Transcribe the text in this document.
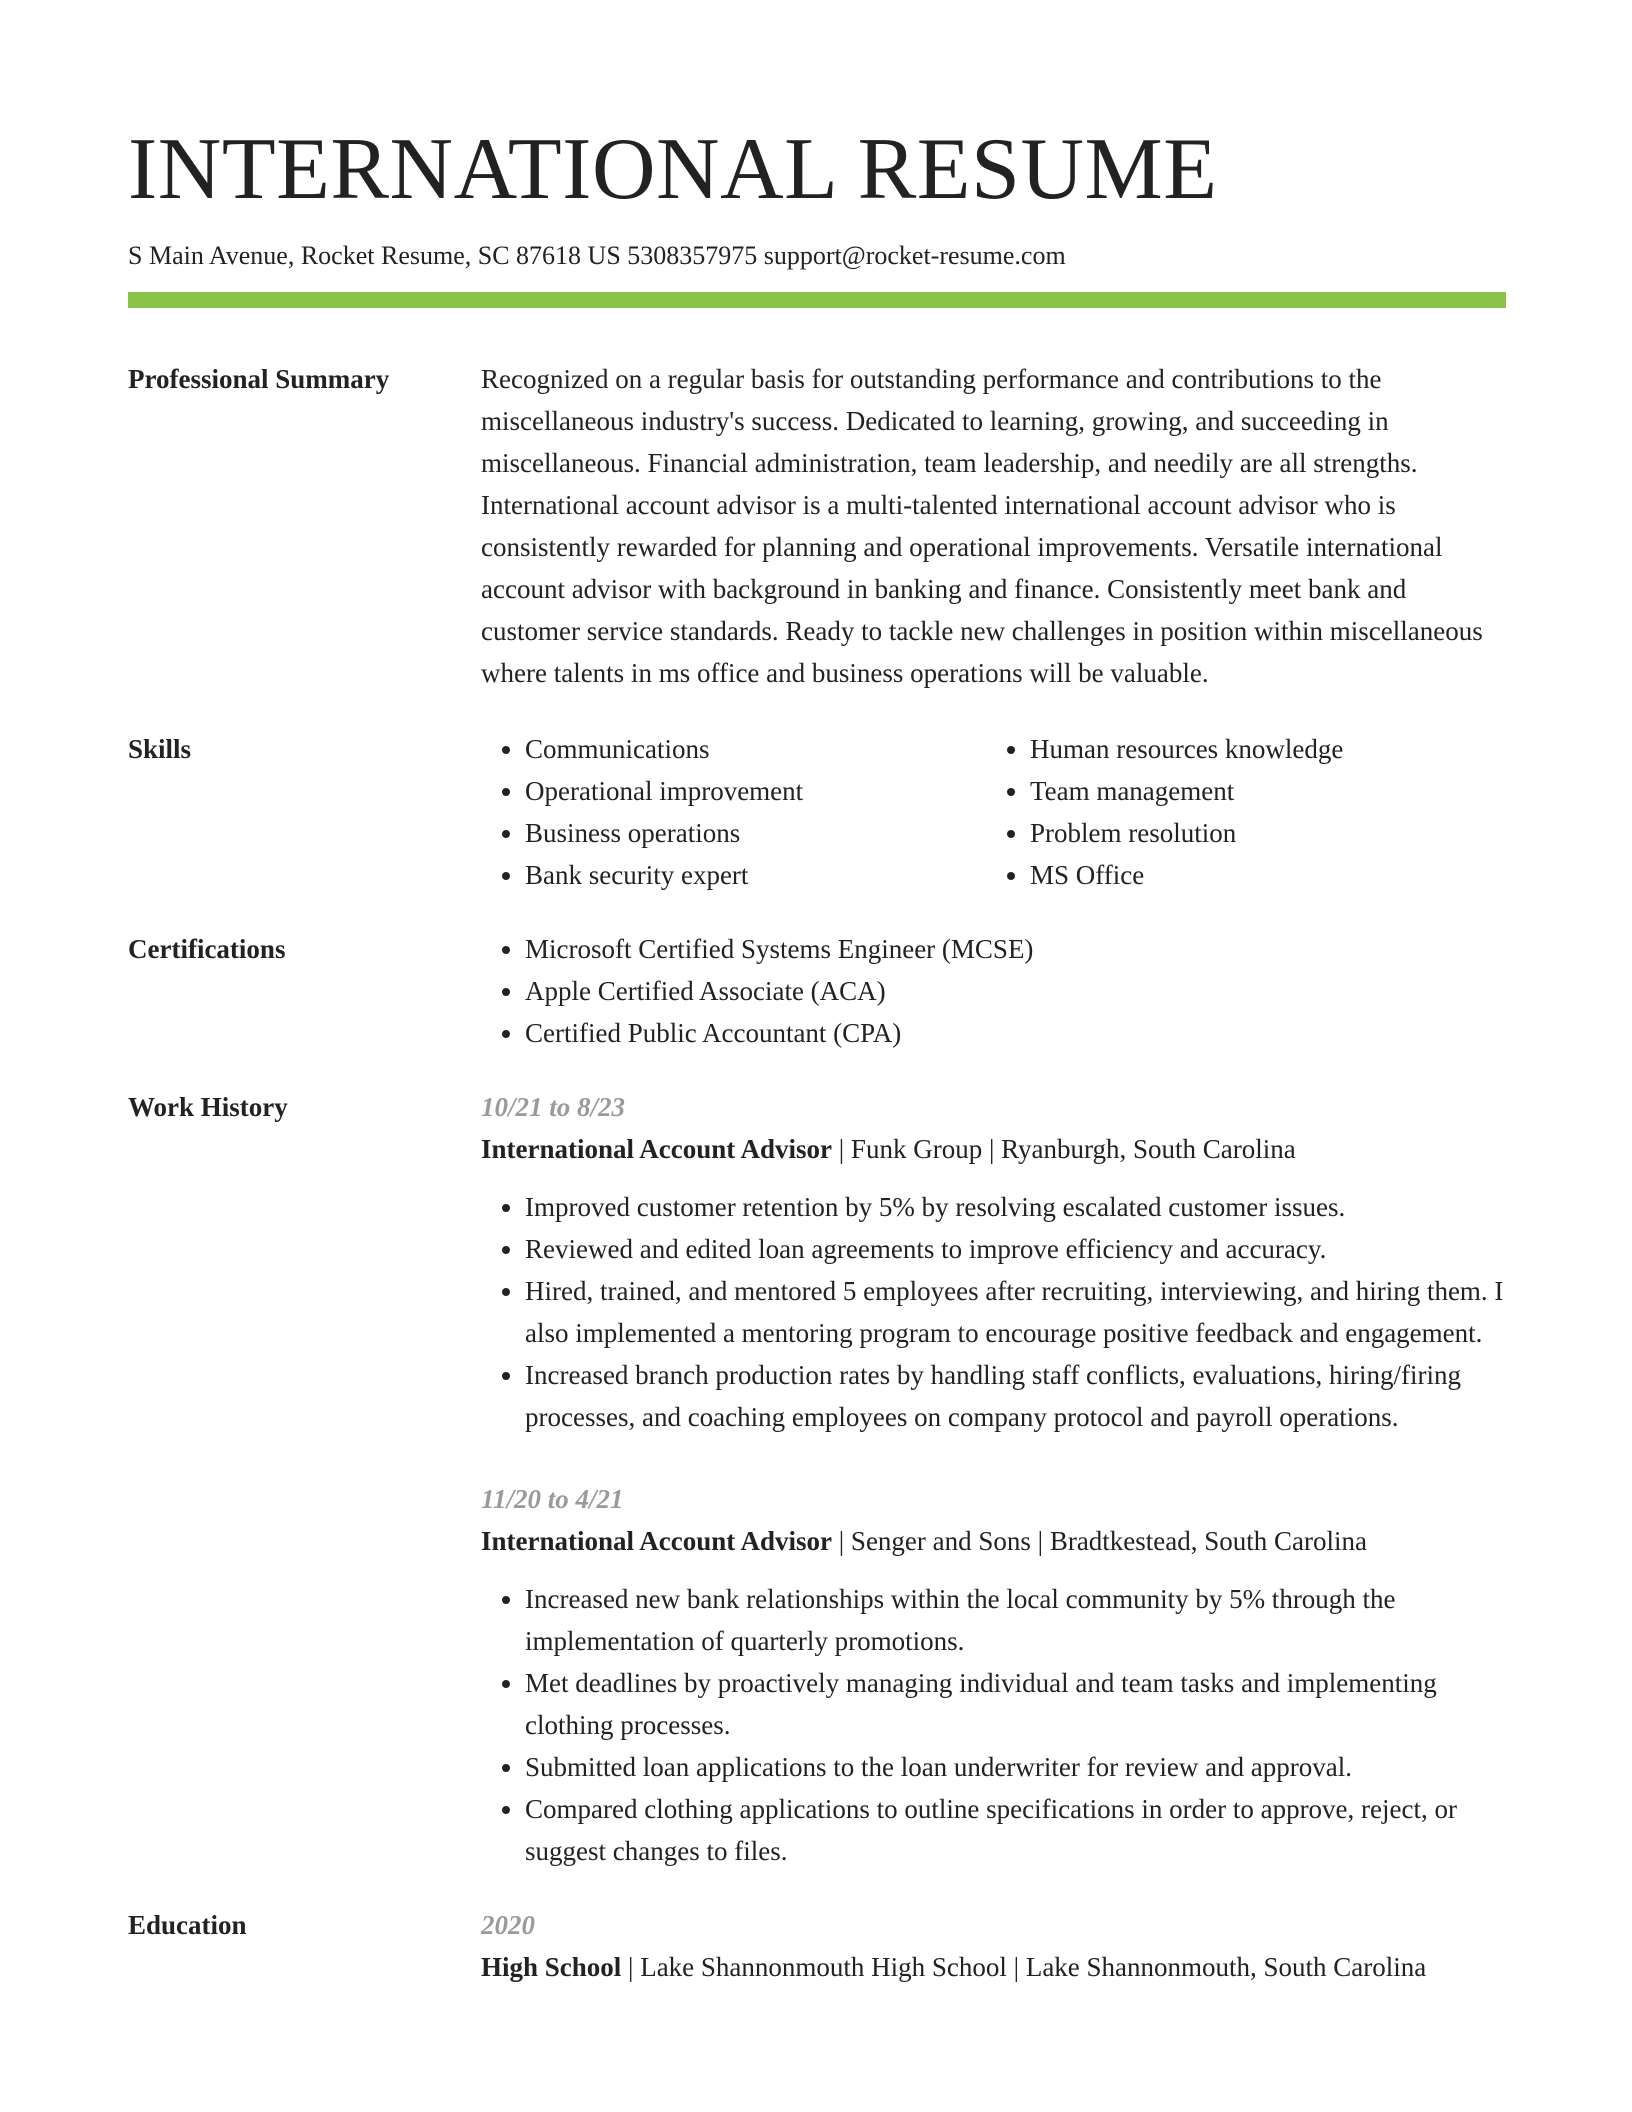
INTERNATIONAL RESUME
S Main Avenue, Rocket Resume, SC 87618 US 5308357975 support@rocket-resume.com
Professional Summary	Recognized on a regular basis for outstanding performance and contributions to the miscellaneous industry's success. Dedicated to learning, growing, and succeeding in miscellaneous. Financial administration, team leadership, and needily are all strengths. International account advisor is a multi-talented international account advisor who is consistently rewarded for planning and operational improvements. Versatile international account advisor with background in banking and finance. Consistently meet bank and customer service standards. Ready to tackle new challenges in position within miscellaneous where talents in ms office and business operations will be valuable.

Skills	• Communications
• Operational improvement
• Business operations
• Bank security expert
• Human resources knowledge
• Team management
• Problem resolution
• MS Office
Certifications	• Microsoft Certified Systems Engineer (MCSE)
• Apple Certified Associate (ACA)
• Certified Public Accountant (CPA)
Work History	10/21 to 8/23
International Account Advisor | Funk Group | Ryanburgh, South Carolina
• Improved customer retention by 5% by resolving escalated customer issues.
• Reviewed and edited loan agreements to improve efficiency and accuracy.
• Hired, trained, and mentored 5 employees after recruiting, interviewing, and hiring them. I also implemented a mentoring program to encourage positive feedback and engagement.
• Increased branch production rates by handling staff conflicts, evaluations, hiring/firing processes, and coaching employees on company protocol and payroll operations.
11/20 to 4/21
International Account Advisor | Senger and Sons | Bradtkestead, South Carolina
• Increased new bank relationships within the local community by 5% through the implementation of quarterly promotions.
• Met deadlines by proactively managing individual and team tasks and implementing clothing processes.
• Submitted loan applications to the loan underwriter for review and approval.
• Compared clothing applications to outline specifications in order to approve, reject, or suggest changes to files.
Education	2020
High School | Lake Shannonmouth High School | Lake Shannonmouth, South Carolina
